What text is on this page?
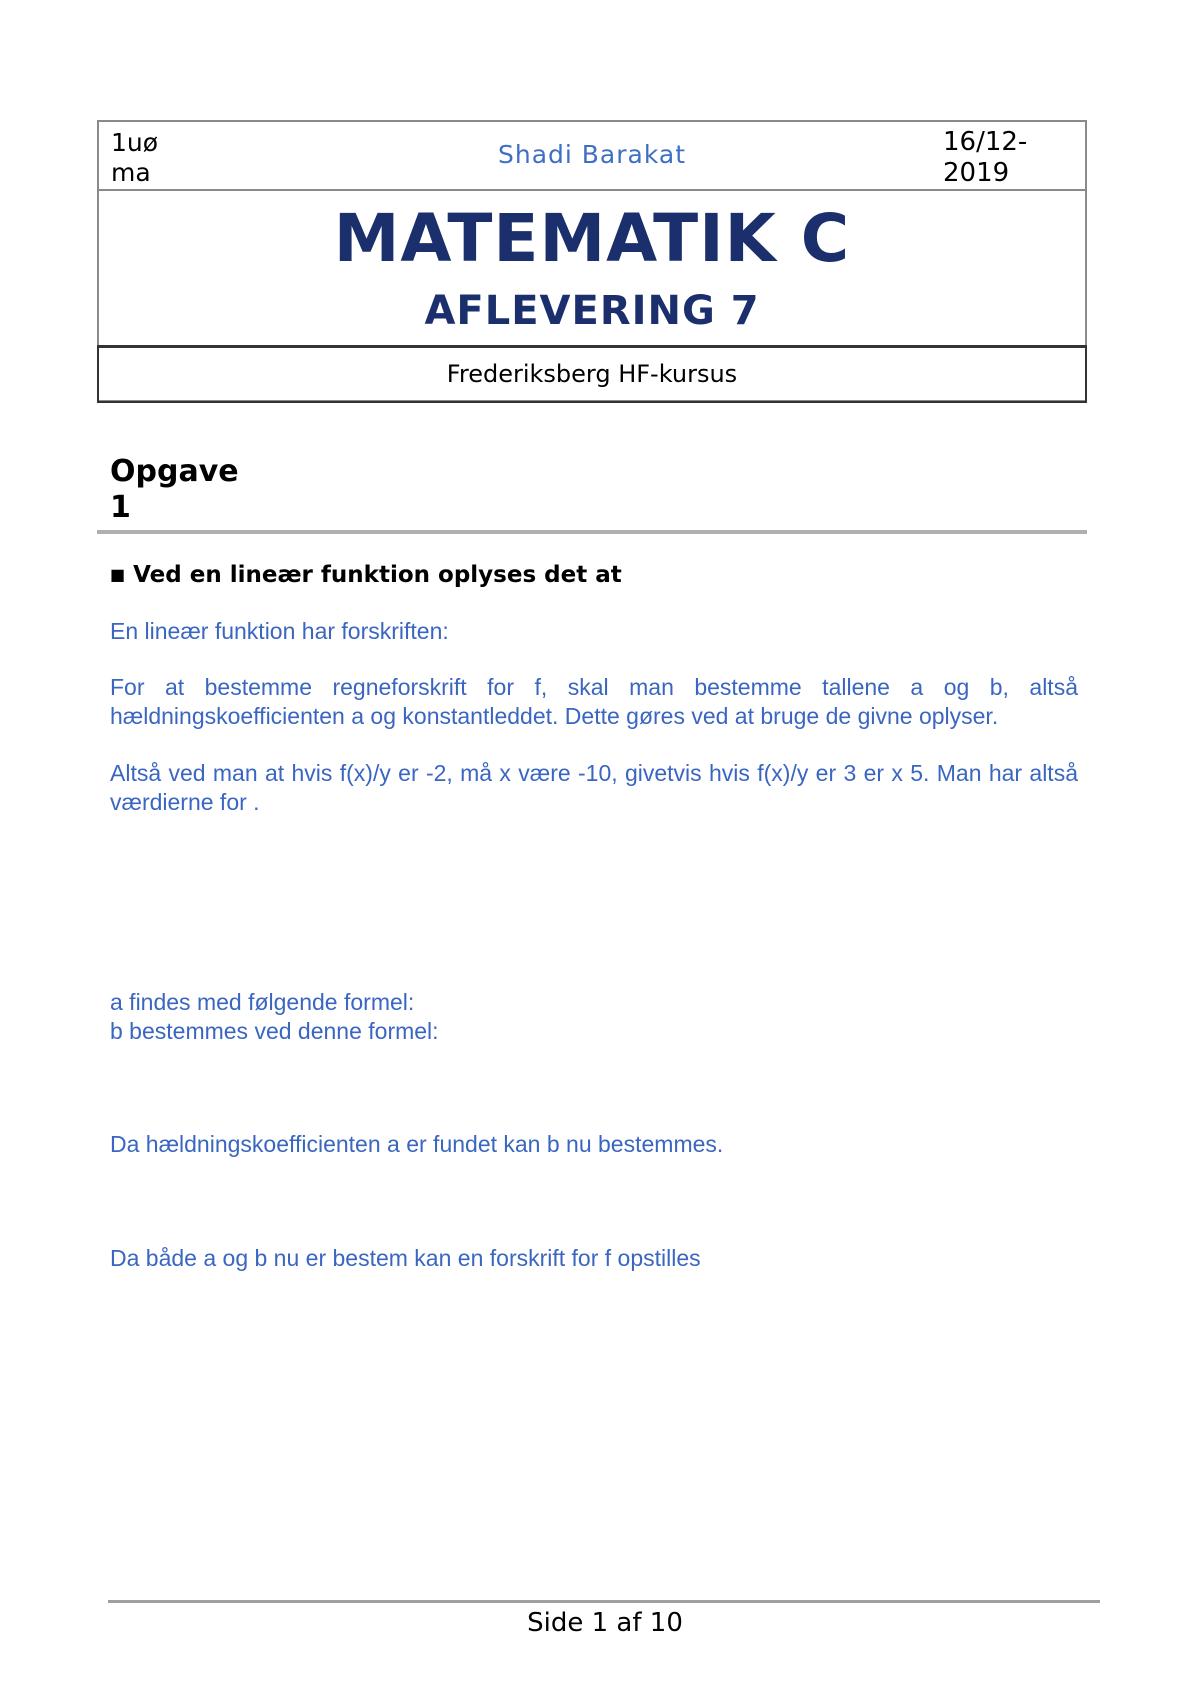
1uø ma
Shadi Barakat	16/12-2019
MATEMATIK C
AFLEVERING 7
Frederiksberg HF-kursus
Opgave 1
■ Ved en lineær funktion oplyses det at
En lineær funktion har forskriften:
For at bestemme regneforskrift for f, skal man bestemme tallene a og b, altså hældningskoefficienten a og konstantleddet. Dette gøres ved at bruge de givne oplyser.
Altså ved man at hvis f(x)/y er -2, må x være -10, givetvis hvis f(x)/y er 3 er x 5. Man har altså værdierne for .
a findes med følgende formel:
b bestemmes ved denne formel:
Da hældningskoefficienten a er fundet kan b nu bestemmes.
Da både a og b nu er bestem kan en forskrift for f opstilles
Side 1 af 10
